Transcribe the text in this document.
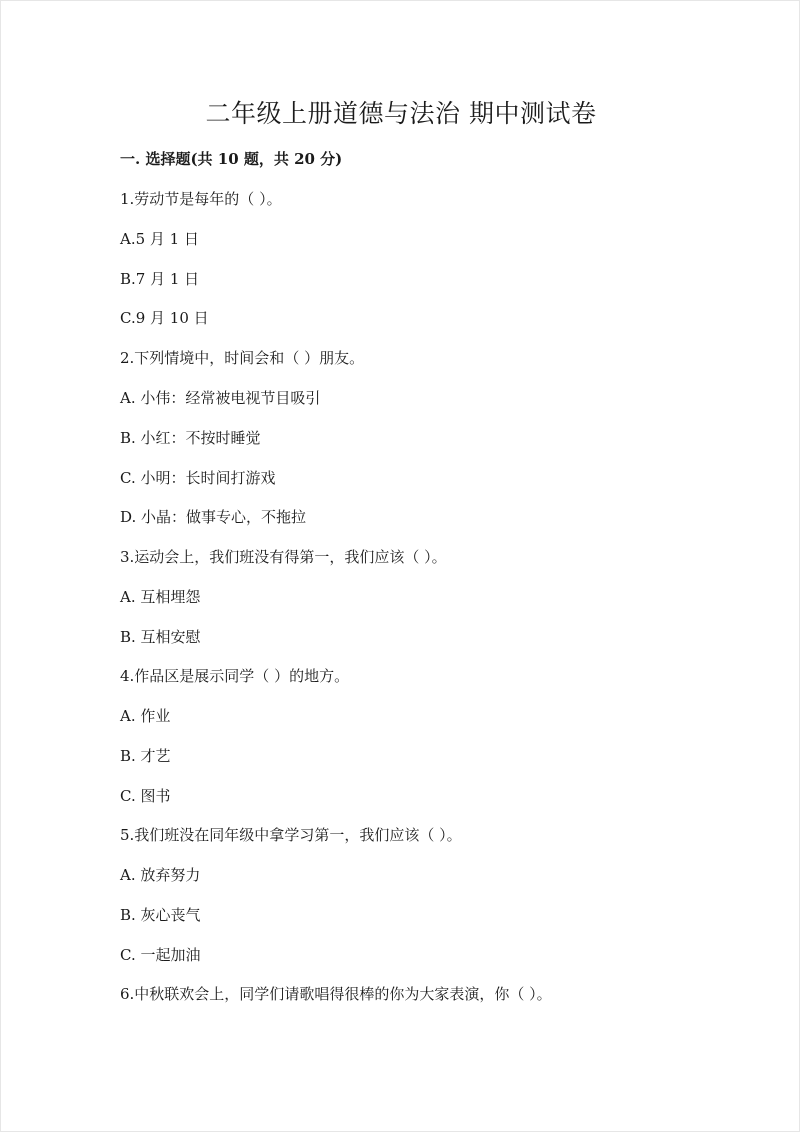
二年级上册道德与法治 期中测试卷
一. 选择题(共 10 题，共 20 分)
1.劳动节是每年的（ ）。
A.5 月 1 日
B.7 月 1 日
C.9 月 10 日
2.下列情境中，时间会和（ ）朋友。
A. 小伟：经常被电视节目吸引
B. 小红：不按时睡觉
C. 小明：长时间打游戏
D. 小晶：做事专心，不拖拉
3.运动会上，我们班没有得第一，我们应该（ ）。
A. 互相埋怨
B. 互相安慰
4.作品区是展示同学（ ）的地方。
A. 作业
B. 才艺
C. 图书
5.我们班没在同年级中拿学习第一，我们应该（ ）。
A. 放弃努力
B. 灰心丧气
C. 一起加油
6.中秋联欢会上，同学们请歌唱得很棒的你为大家表演，你（ ）。
